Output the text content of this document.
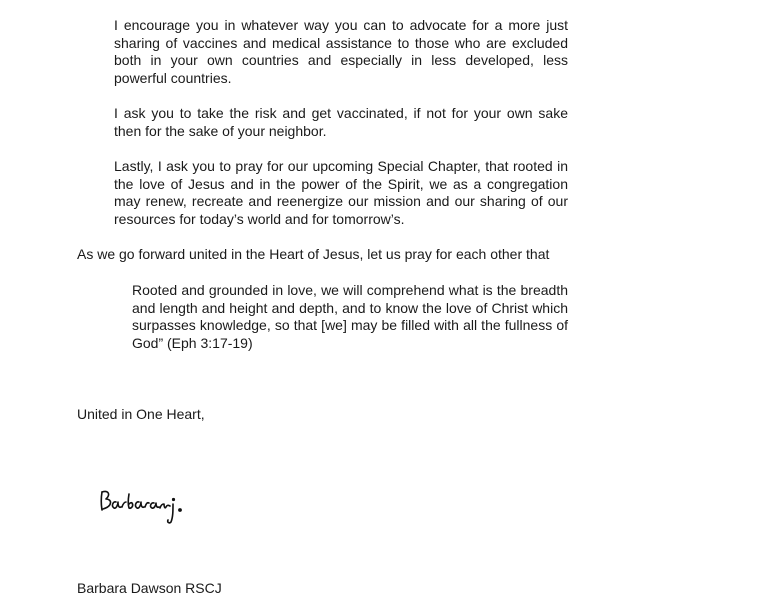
I encourage you in whatever way you can to advocate for a more just sharing of vaccines and medical assistance to those who are excluded both in your own countries and especially in less developed, less powerful countries.

I ask you to take the risk and get vaccinated, if not for your own sake then for the sake of your neighbor.

Lastly, I ask you to pray for our upcoming Special Chapter, that rooted in the love of Jesus and in the power of the Spirit, we as a congregation may renew, recreate and reenergize our mission and our sharing of our resources for today’s world and for tomorrow’s.

As we go forward united in the Heart of Jesus, let us pray for each other that

Rooted and grounded in love, we will comprehend what is the breadth and length and height and depth, and to know the love of Christ which surpasses knowledge, so that [we] may be filled with all the fullness of God” (Eph 3:17-19)

United in One Heart,

Barbara Dawson RSCJ
